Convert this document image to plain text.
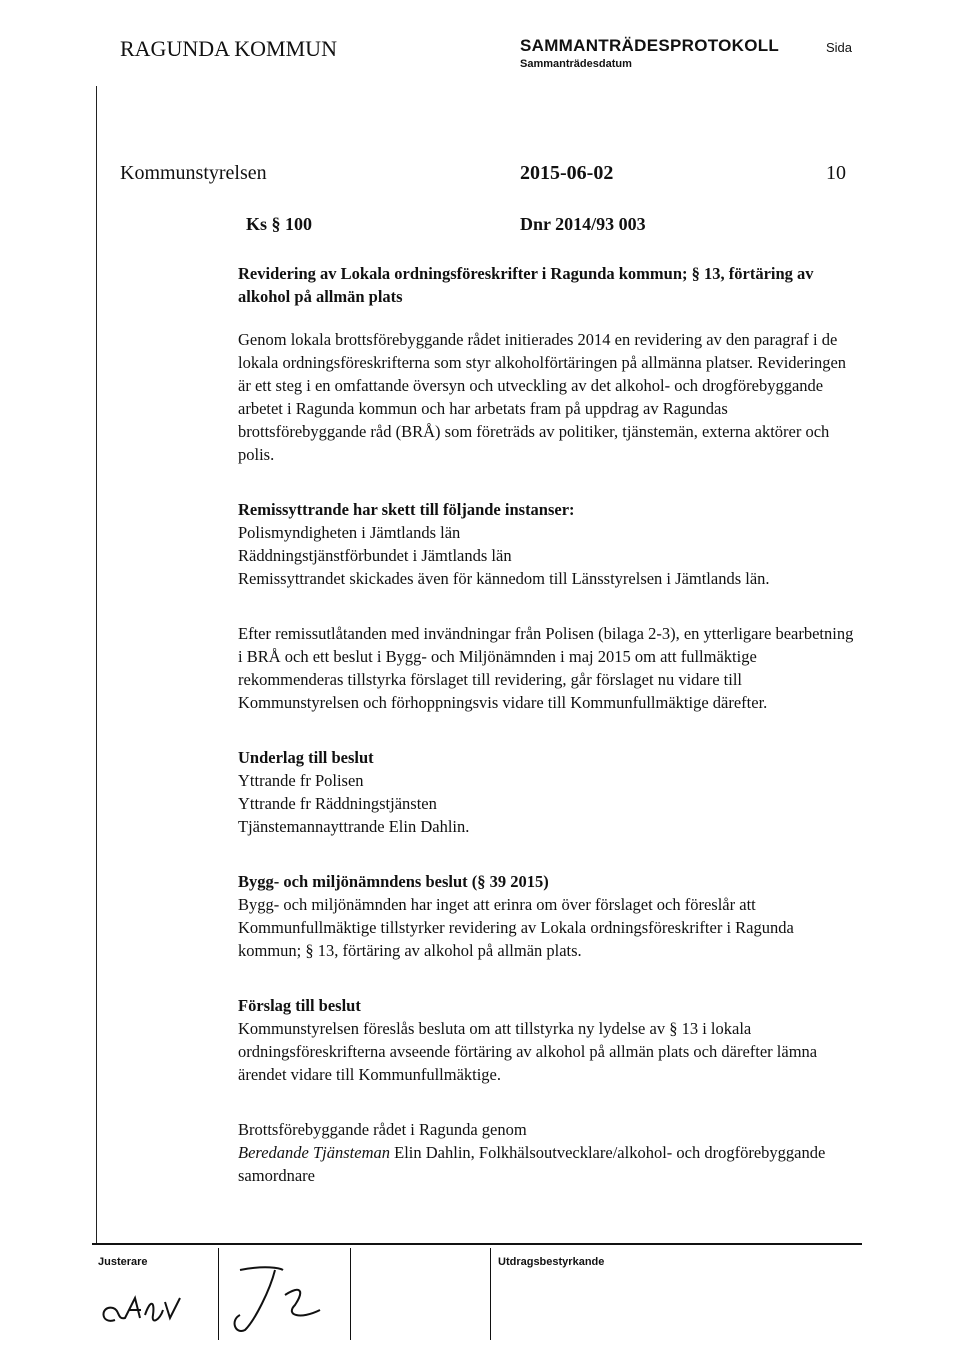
RAGUNDA KOMMUN	SAMMANTRÄDESPROTOKOLL
Sammanträdesdatum
Sida
Kommunstyrelsen	2015-06-02	10
Ks § 100	Dnr 2014/93 003

Revidering av Lokala ordningsföreskrifter i Ragunda kommun; § 13, förtäring av alkohol på allmän plats

Genom lokala brottsförebyggande rådet initierades 2014 en revidering av den paragraf i de lokala ordningsföreskrifterna som styr alkoholförtäringen på allmänna platser. Revideringen är ett steg i en omfattande översyn och utveckling av det alkohol- och drogförebyggande arbetet i Ragunda kommun och har arbetats fram på uppdrag av Ragundas brottsförebyggande råd (BRÅ) som företräds av politiker, tjänstemän, externa aktörer och polis.

Remissyttrande har skett till följande instanser:

Polismyndigheten i Jämtlands län
Räddningstjänstförbundet i Jämtlands län
Remissyttrandet skickades även för kännedom till Länsstyrelsen i Jämtlands län.

Efter remissutlåtanden med invändningar från Polisen (bilaga 2-3), en ytterligare bearbetning i BRÅ och ett beslut i Bygg- och Miljönämnden i maj 2015 om att fullmäktige rekommenderas tillstyrka förslaget till revidering, går förslaget nu vidare till Kommunstyrelsen och förhoppningsvis vidare till Kommunfullmäktige därefter.

Underlag till beslut

Yttrande fr Polisen
Yttrande fr Räddningstjänsten
Tjänstemannayttrande Elin Dahlin.

Bygg- och miljönämndens beslut (§ 39 2015)

Bygg- och miljönämnden har inget att erinra om över förslaget och föreslår att Kommunfullmäktige tillstyrker revidering av Lokala ordningsföreskrifter i Ragunda kommun; § 13, förtäring av alkohol på allmän plats.

Förslag till beslut

Kommunstyrelsen föreslås besluta om att tillstyrka ny lydelse av § 13 i lokala ordningsföreskrifterna avseende förtäring av alkohol på allmän plats och därefter lämna ärendet vidare till Kommunfullmäktige.

Brottsförebyggande rådet i Ragunda genom
Beredande Tjänsteman Elin Dahlin, Folkhälsoutvecklare/alkohol- och drogförebyggande samordnare
Justerare	Utdragsbestyrkande
